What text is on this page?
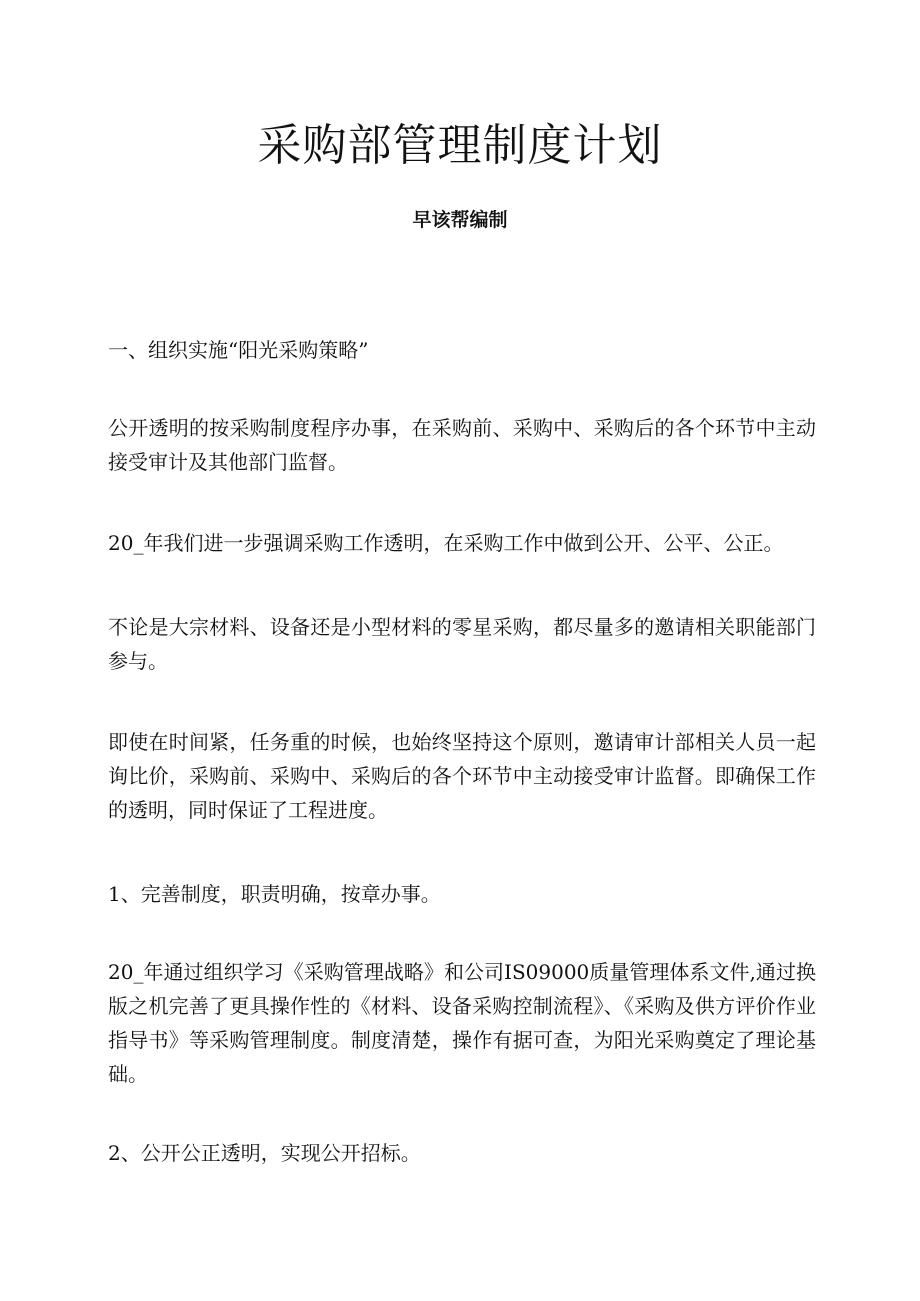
采购部管理制度计划
早该帮编制

一、组织实施“阳光采购策略”

公开透明的按采购制度程序办事，在采购前、采购中、采购后的各个环节中主动接受审计及其他部门监督。

20_年我们进一步强调采购工作透明，在采购工作中做到公开、公平、公正。

不论是大宗材料、设备还是小型材料的零星采购，都尽量多的邀请相关职能部门参与。

即使在时间紧，任务重的时候，也始终坚持这个原则，邀请审计部相关人员一起询比价，采购前、采购中、采购后的各个环节中主动接受审计监督。即确保工作的透明，同时保证了工程进度。

1、完善制度，职责明确，按章办事。

20_年通过组织学习《采购管理战略》和公司IS09000质量管理体系文件,通过换版之机完善了更具操作性的《材料、设备采购控制流程》、《采购及供方评价作业指导书》等采购管理制度。制度清楚，操作有据可查，为阳光采购奠定了理论基础。

2、公开公正透明，实现公开招标。
